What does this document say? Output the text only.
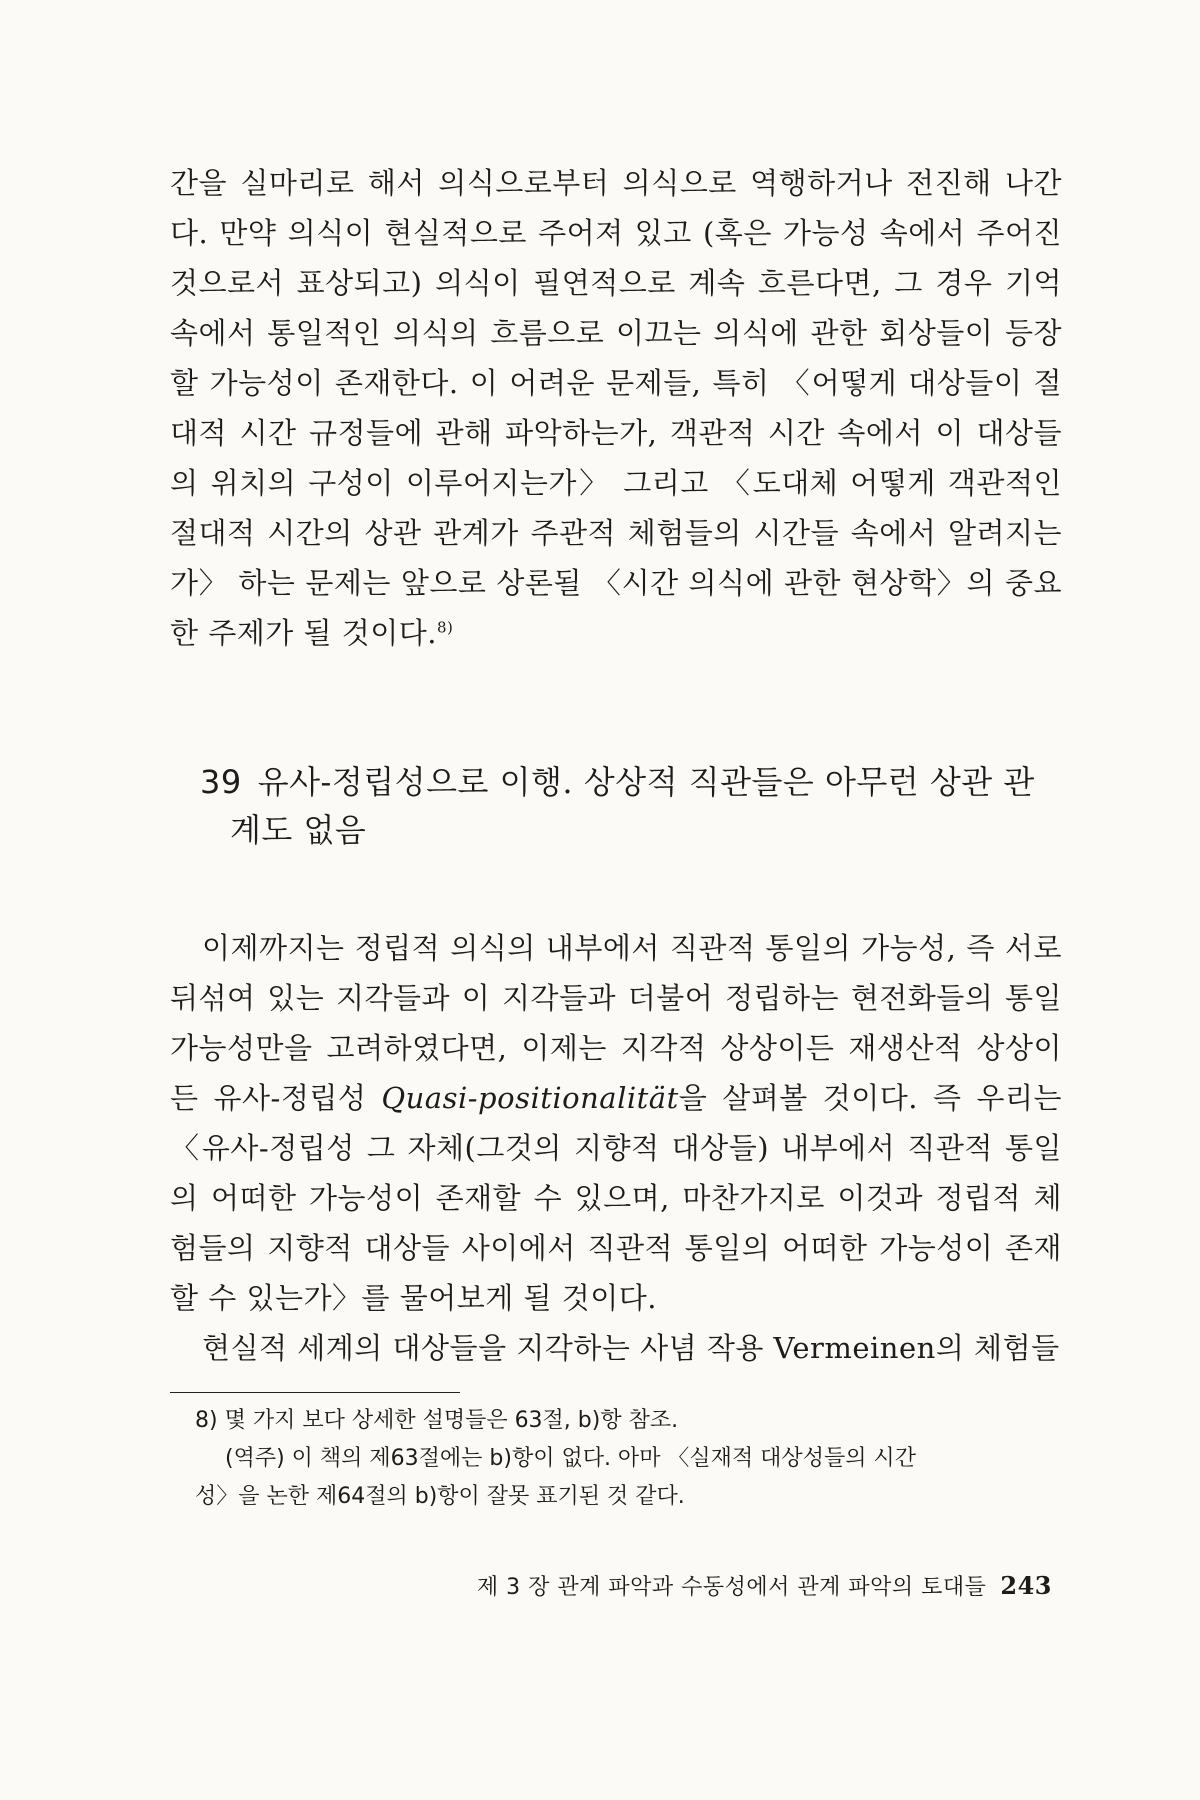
간을 실마리로 해서 의식으로부터 의식으로 역행하거나 전진해 나간다. 만약 의식이 현실적으로 주어져 있고 (혹은 가능성 속에서 주어진 것으로서 표상되고) 의식이 필연적으로 계속 흐른다면, 그 경우 기억 속에서 통일적인 의식의 흐름으로 이끄는 의식에 관한 회상들이 등장할 가능성이 존재한다. 이 어려운 문제들, 특히 〈어떻게 대상들이 절대적 시간 규정들에 관해 파악하는가, 객관적 시간 속에서 이 대상들의 위치의 구성이 이루어지는가〉 그리고 〈도대체 어떻게 객관적인 절대적 시간의 상관 관계가 주관적 체험들의 시간들 속에서 알려지는가〉 하는 문제는 앞으로 상론될 〈시간 의식에 관한 현상학〉의 중요한 주제가 될 것이다.$^{8)}$

39 유사-정립성으로 이행. 상상적 직관들은 아무런 상관 관
계도 없음

이제까지는 정립적 의식의 내부에서 직관적 통일의 가능성, 즉 서로 뒤섞여 있는 지각들과 이 지각들과 더불어 정립하는 현전화들의 통일 가능성만을 고려하였다면, 이제는 지각적 상상이든 재생산적 상상이든 유사-정립성 Quasi-positionalität을 살펴볼 것이다. 즉 우리는 〈유사-정립성 그 자체(그것의 지향적 대상들) 내부에서 직관적 통일의 어떠한 가능성이 존재할 수 있으며, 마찬가지로 이것과 정립적 체험들의 지향적 대상들 사이에서 직관적 통일의 어떠한 가능성이 존재할 수 있는가〉를 물어보게 될 것이다.

현실적 세계의 대상들을 지각하는 사념 작용 Vermeinen의 체험들

8) 몇 가지 보다 상세한 설명들은 63절, b)항 참조.
(역주) 이 책의 제63절에는 b)항이 없다. 아마 〈실재적 대상성들의 시간
성〉을 논한 제64절의 b)항이 잘못 표기된 것 같다.
제 3 장 관계 파악과 수동성에서 관계 파악의 토대들 243
